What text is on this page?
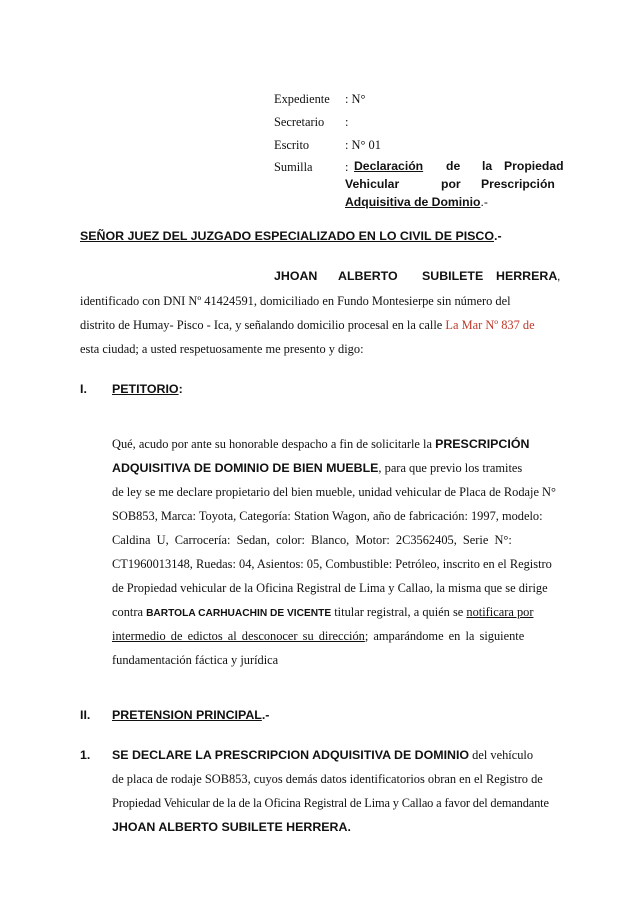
Expediente : N°
Secretario :
Escrito	: N° 01
Sumilla	: Declaración de la Propiedad
Vehicular	por Prescripción
Adquisitiva de Dominio.-
SEÑOR JUEZ DEL JUZGADO ESPECIALIZADO EN LO CIVIL DE PISCO.-
JHOAN ALBERTO SUBILETE HERRERA ,
identificado con DNI Nº 41424591, domiciliado en Fundo Montesierpe sin número del
distrito de Humay- Pisco - Ica, y señalando domicilio procesal en la calle La Mar Nº 837 de
esta ciudad; a usted respetuosamente me presento y digo:
I. PETITORIO:
Qué, acudo por ante su honorable despacho a fin de solicitarle la PRESCRIPCIÓN
ADQUISITIVA DE DOMINIO DE BIEN MUEBLE, para que previo los tramites
de ley se me declare propietario del bien mueble, unidad vehicular de Placa de Rodaje N°
SOB853, Marca: Toyota, Categoría: Station Wagon, año de fabricación: 1997, modelo:
Caldina U, Carrocería: Sedan, color: Blanco, Motor: 2C3562405, Serie N°:
CT1960013148, Ruedas: 04, Asientos: 05, Combustible: Petróleo, inscrito en el Registro
de Propiedad vehicular de la Oficina Registral de Lima y Callao, la misma que se dirige
contra BARTOLA CARHUACHIN DE VICENTE titular registral, a quién se notificara por
intermedio de edictos al desconocer su dirección; amparándome en la siguiente
fundamentación fáctica y jurídica
II. PRETENSION PRINCIPAL.-
1. SE DECLARE LA PRESCRIPCION ADQUISITIVA DE DOMINIO del vehículo
de placa de rodaje SOB853, cuyos demás datos identificatorios obran en el Registro de
Propiedad Vehicular de la de la Oficina Registral de Lima y Callao a favor del demandante
JHOAN ALBERTO SUBILETE HERRERA.
